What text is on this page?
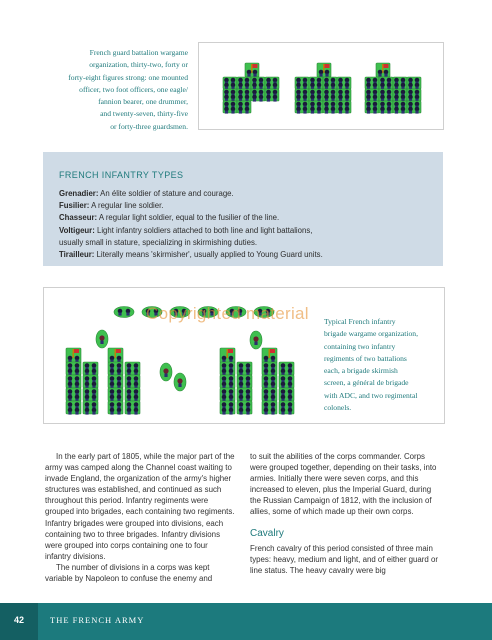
French guard battalion wargame
organization, thirty-two, forty or
forty-eight figures strong: one mounted
officer, two foot officers, one eagle/
fannion bearer, one drummer,
and twenty-seven, thirty-five
or forty-three guardsmen.
FRENCH INFANTRY TYPES
Grenadier: An élite soldier of stature and courage.
Fusilier: A regular line soldier.
Chasseur: A regular light soldier, equal to the fusilier of the line.
Voltigeur: Light infantry soldiers attached to both line and light battalions,
usually small in stature, specializing in skirmishing duties.
Tirailleur: Literally means 'skirmisher', usually applied to Young Guard units.
Copyrighted material Typical French infantry
brigade wargame organization,
containing two infantry
regiments of two battalions
each, a brigade skirmish
screen, a général de brigade
with ADC, and two regimental
colonels.

In the early part of 1805, while the major part of the army was camped along the Channel coast waiting to invade England, the organization of the army's higher structures was established, and continued as such throughout this period. Infantry regiments were grouped into brigades, each containing two regiments. Infantry brigades were grouped into divisions, each containing two to three brigades. Infantry divisions were grouped into corps containing one to four infantry divisions.

The number of divisions in a corps was kept variable by Napoleon to confuse the enemy and

to suit the abilities of the corps commander. Corps were grouped together, depending on their tasks, into armies. Initially there were seven corps, and this increased to eleven, plus the Imperial Guard, during the Russian Campaign of 1812, with the inclusion of allies, some of which made up their own corps.

Cavalry

French cavalry of this period consisted of three main types: heavy, medium and light, and of either guard or line status. The heavy cavalry were big

42	THE FRENCH ARMY
